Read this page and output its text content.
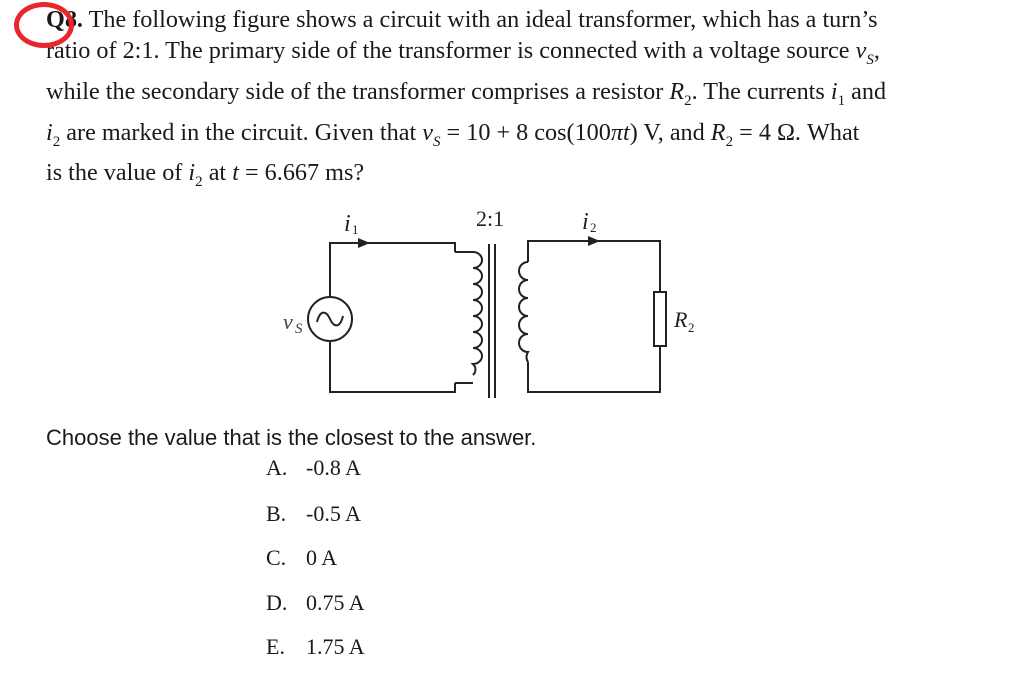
Q8. The following figure shows a circuit with an ideal transformer, which has a turn’s
ratio of 2:1. The primary side of the transformer is connected with a voltage source $v_S$,
while the secondary side of the transformer comprises a resistor $R_2$. The currents $i_1$ and
$i_2$ are marked in the circuit. Given that $v_S = 10 + 8$ cos(100πt) V, and $R_2 = 4$ Ω. What
is the value of $i_2$ at t = 6.667 ms?
i 1	2:1	i 2
v S	R 2
Choose the value that is the closest to the answer.
A. -0.8 A
B. -0.5 A
C. 0 A
D. 0.75 A
E. 1.75 A
